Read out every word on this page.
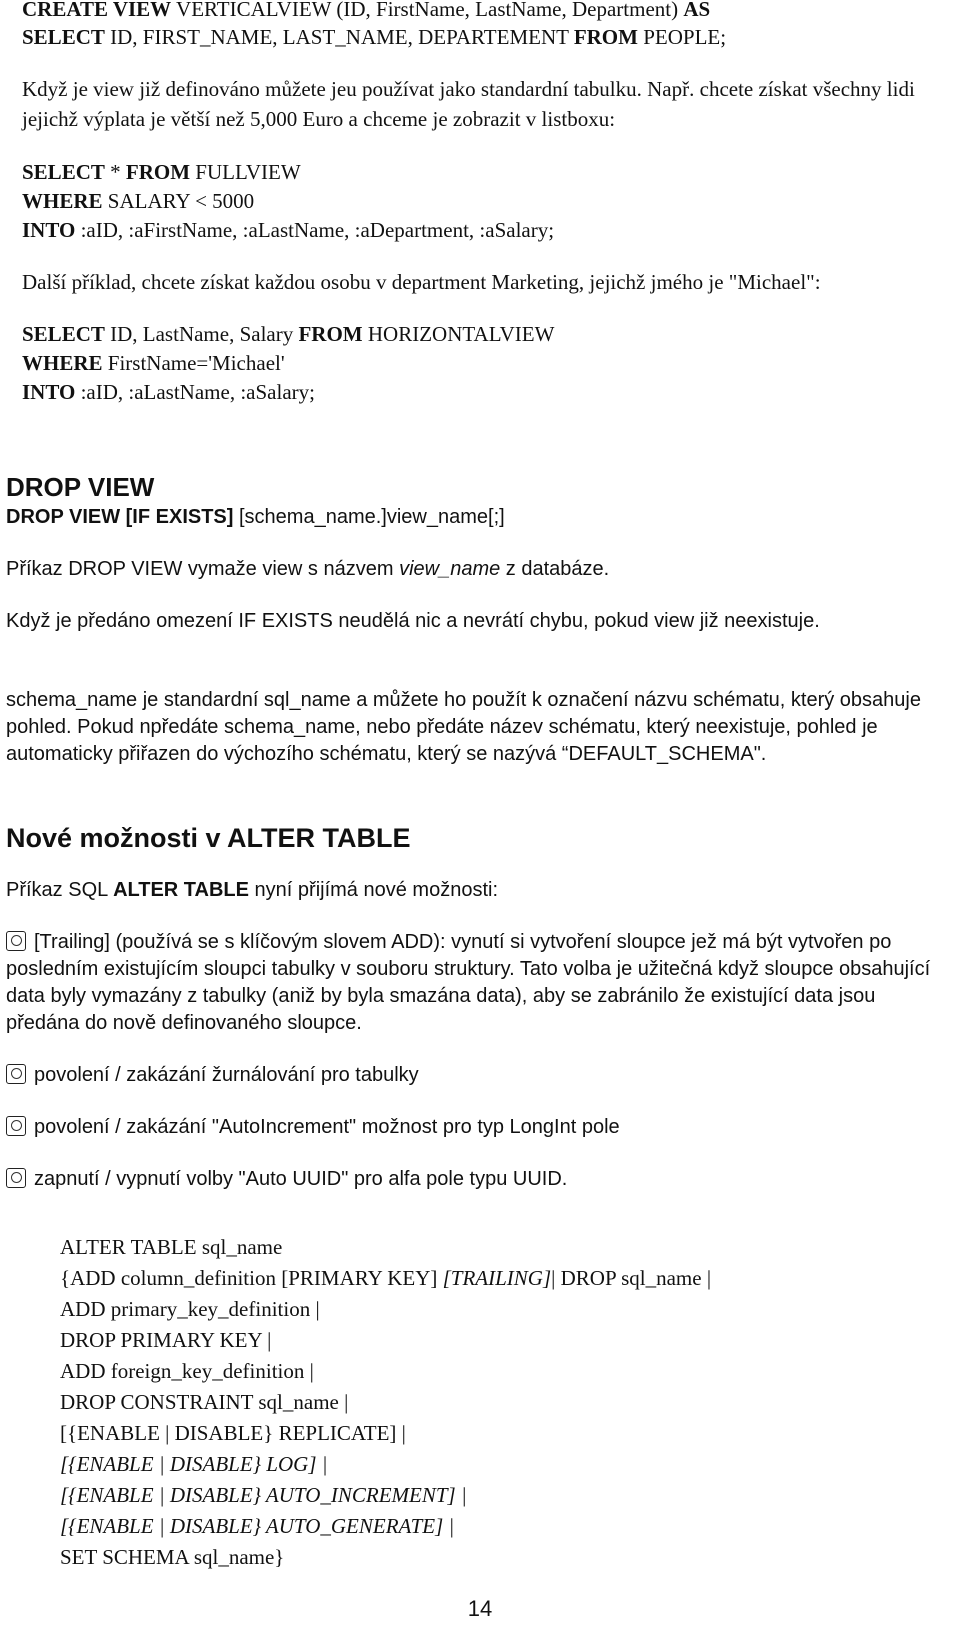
CREATE VIEW VERTICALVIEW (ID, FirstName, LastName, Department) AS
SELECT ID, FIRST_NAME, LAST_NAME, DEPARTEMENT FROM PEOPLE;
Když je view již definováno můžete jeu používat jako standardní tabulku. Např. chcete získat všechny lidi jejichž výplata je větší než 5,000 Euro a chceme je zobrazit v listboxu:
SELECT * FROM FULLVIEW
WHERE SALARY < 5000
INTO :aID, :aFirstName, :aLastName, :aDepartment, :aSalary;
Další příklad, chcete získat každou osobu v department Marketing, jejichž jmého je "Michael":
SELECT ID, LastName, Salary FROM HORIZONTALVIEW
WHERE FirstName='Michael'
INTO :aID, :aLastName, :aSalary;
DROP VIEW
DROP VIEW [IF EXISTS] [schema_name.]view_name[;]
Příkaz DROP VIEW vymaže view s názvem view_name z databáze.
Když je předáno omezení IF EXISTS neudělá nic a nevrátí chybu, pokud view již neexistuje.
schema_name je standardní sql_name a můžete ho použít k označení názvu schématu, který obsahuje pohled. Pokud npředáte schema_name, nebo předáte název schématu, který neexistuje, pohled je automaticky přiřazen do výchozího schématu, který se nazývá “DEFAULT_SCHEMA".
Nové možnosti v ALTER TABLE
Příkaz SQL ALTER TABLE nyní přijímá nové možnosti:
[Trailing] (používá se s klíčovým slovem ADD): vynutí si vytvoření sloupce jež má být vytvořen po posledním existujícím sloupci tabulky v souboru struktury. Tato volba je užitečná když sloupce obsahující data byly vymazány z tabulky (aniž by byla smazána data), aby se zabránilo že existující data jsou předána do nově definovaného sloupce.
povolení / zakázání žurnálování pro tabulky
povolení / zakázání "AutoIncrement" možnost pro typ LongInt pole
zapnutí / vypnutí volby "Auto UUID" pro alfa pole typu UUID.
ALTER TABLE sql_name
{ADD column_definition [PRIMARY KEY] [TRAILING]| DROP sql_name |
ADD primary_key_definition |
DROP PRIMARY KEY |
ADD foreign_key_definition |
DROP CONSTRAINT sql_name |
[{ENABLE | DISABLE} REPLICATE] |
[{ENABLE | DISABLE} LOG] |
[{ENABLE | DISABLE} AUTO_INCREMENT] |
[{ENABLE | DISABLE} AUTO_GENERATE] |
SET SCHEMA sql_name}
14
